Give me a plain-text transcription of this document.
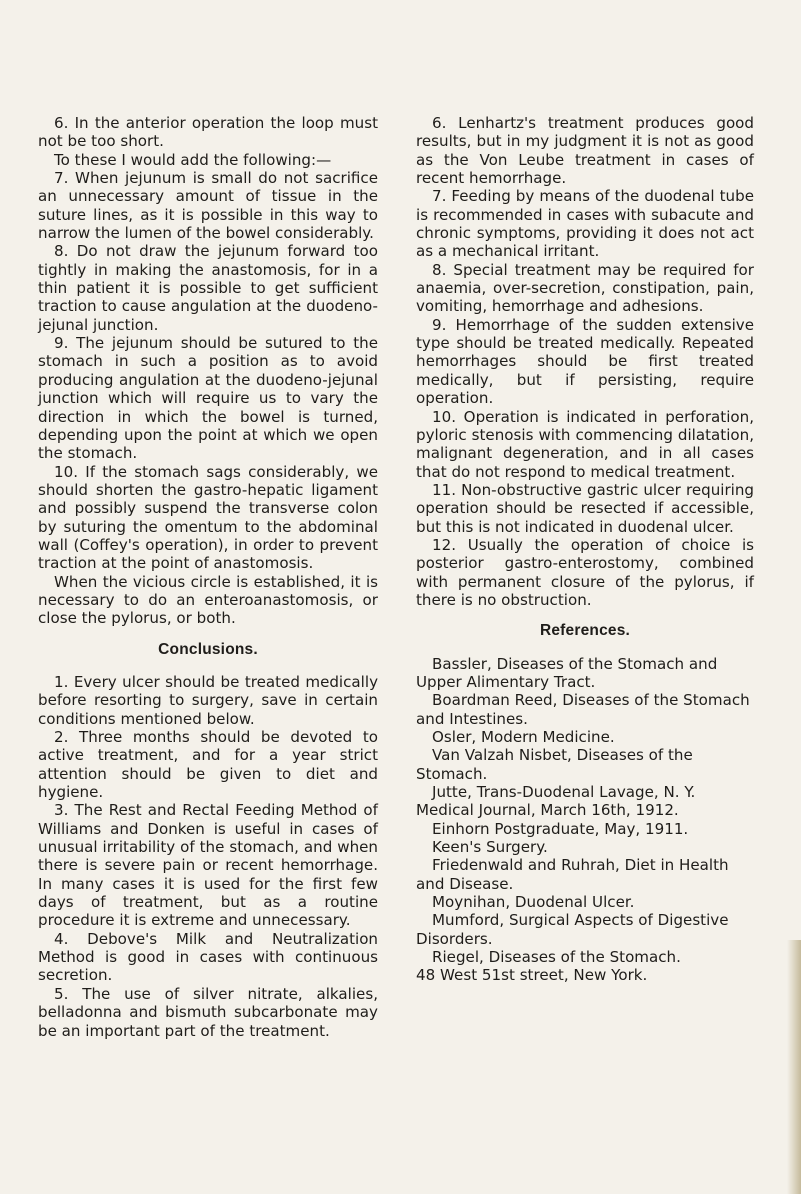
6. In the anterior operation the loop must not be too short.

To these I would add the following:—

7. When jejunum is small do not sacrifice an unnecessary amount of tissue in the suture lines, as it is possible in this way to narrow the lumen of the bowel considerably.

8. Do not draw the jejunum forward too tightly in making the anastomosis, for in a thin patient it is possible to get sufficient traction to cause angulation at the duodeno-jejunal junction.

9. The jejunum should be sutured to the stomach in such a position as to avoid producing angulation at the duodeno-jejunal junction which will require us to vary the direction in which the bowel is turned, depending upon the point at which we open the stomach.

10. If the stomach sags considerably, we should shorten the gastro-hepatic ligament and possibly suspend the transverse colon by suturing the omentum to the abdominal wall (Coffey's operation), in order to prevent traction at the point of anastomosis.

When the vicious circle is established, it is necessary to do an enteroanastomosis, or close the pylorus, or both.

Conclusions.

1. Every ulcer should be treated medically before resorting to surgery, save in certain conditions mentioned below.

2. Three months should be devoted to active treatment, and for a year strict attention should be given to diet and hygiene.

3. The Rest and Rectal Feeding Method of Williams and Donken is useful in cases of unusual irritability of the stomach, and when there is severe pain or recent hemorrhage. In many cases it is used for the first few days of treatment, but as a routine procedure it is extreme and unnecessary.

4. Debove's Milk and Neutralization Method is good in cases with continuous secretion.

5. The use of silver nitrate, alkalies, belladonna and bismuth subcarbonate may be an important part of the treatment.

6. Lenhartz's treatment produces good results, but in my judgment it is not as good as the Von Leube treatment in cases of recent hemorrhage.

7. Feeding by means of the duodenal tube is recommended in cases with subacute and chronic symptoms, providing it does not act as a mechanical irritant.

8. Special treatment may be required for anaemia, over-secretion, constipation, pain, vomiting, hemorrhage and adhesions.

9. Hemorrhage of the sudden extensive type should be treated medically. Repeated hemorrhages should be first treated medically, but if persisting, require operation.

10. Operation is indicated in perforation, pyloric stenosis with commencing dilatation, malignant degeneration, and in all cases that do not respond to medical treatment.

11. Non-obstructive gastric ulcer requiring operation should be resected if accessible, but this is not indicated in duodenal ulcer.

12. Usually the operation of choice is posterior gastro-enterostomy, combined with permanent closure of the pylorus, if there is no obstruction.

References.

Bassler, Diseases of the Stomach and Upper Alimentary Tract.

Boardman Reed, Diseases of the Stomach and Intestines.

Osler, Modern Medicine.

Van Valzah Nisbet, Diseases of the Stomach.

Jutte, Trans-Duodenal Lavage, N. Y. Medical Journal, March 16th, 1912.

Einhorn Postgraduate, May, 1911.

Keen's Surgery.

Friedenwald and Ruhrah, Diet in Health and Disease.

Moynihan, Duodenal Ulcer.

Mumford, Surgical Aspects of Digestive Disorders.

Riegel, Diseases of the Stomach.

48 West 51st street, New York.
